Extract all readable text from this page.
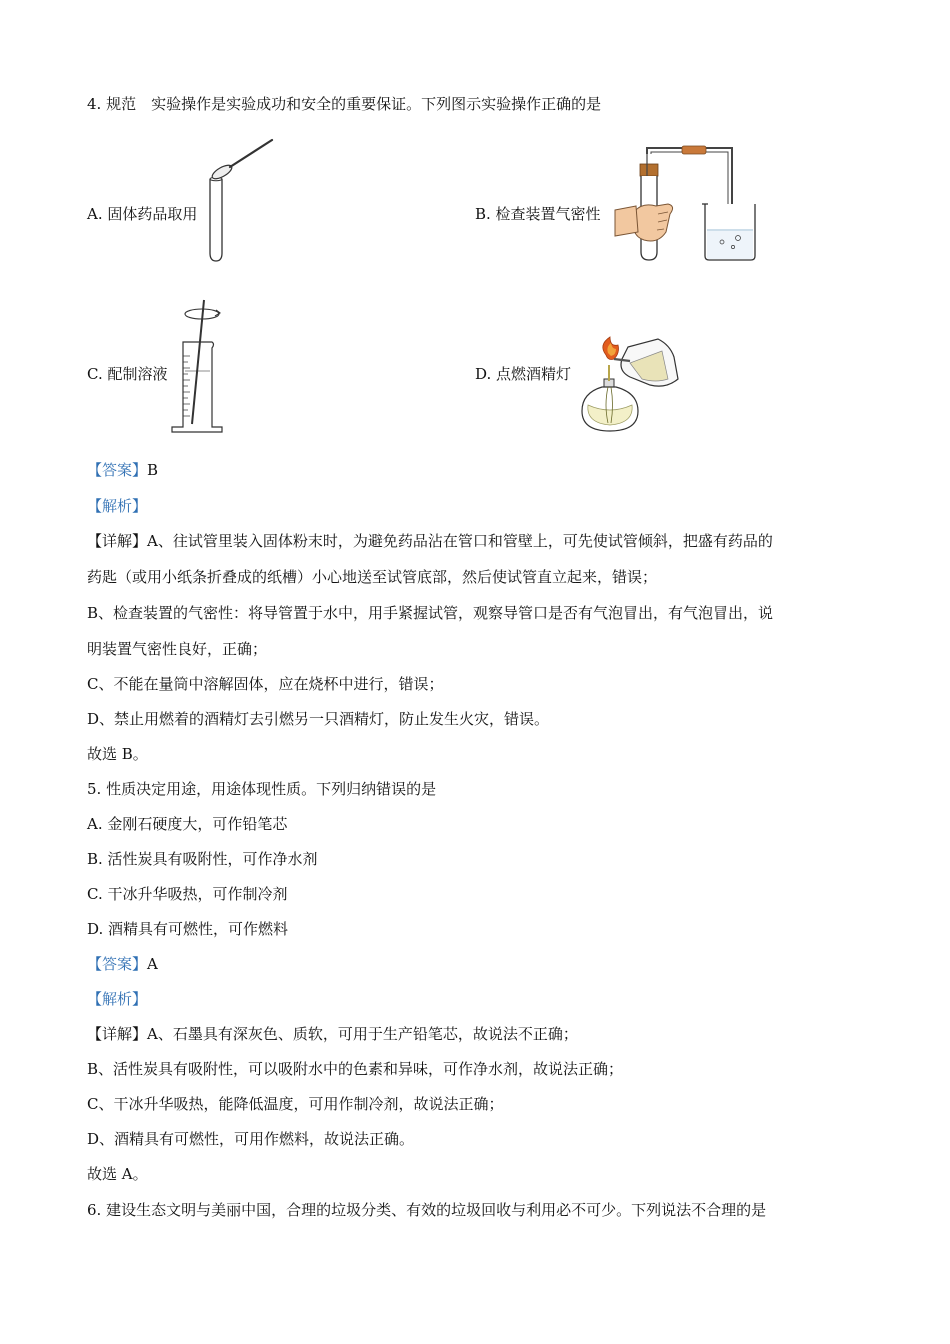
4. 规范　实验操作是实验成功和安全的重要保证。下列图示实验操作正确的是
A. 固体药品取用	B. 检查装置气密性
C. 配制溶液	D. 点燃酒精灯
【答案】B
【解析】
【详解】A、往试管里装入固体粉末时，为避免药品沾在管口和管壁上，可先使试管倾斜，把盛有药品的
药匙（或用小纸条折叠成的纸槽）小心地送至试管底部，然后使试管直立起来，错误；
B、检查装置的气密性：将导管置于水中，用手紧握试管，观察导管口是否有气泡冒出，有气泡冒出，说
明装置气密性良好，正确；
C、不能在量筒中溶解固体，应在烧杯中进行，错误；
D、禁止用燃着的酒精灯去引燃另一只酒精灯，防止发生火灾，错误。
故选 B。
5. 性质决定用途，用途体现性质。下列归纳错误的是
A. 金刚石硬度大，可作铅笔芯
B. 活性炭具有吸附性，可作净水剂
C. 干冰升华吸热，可作制冷剂
D. 酒精具有可燃性，可作燃料
【答案】A
【解析】
【详解】A、石墨具有深灰色、质软，可用于生产铅笔芯，故说法不正确；
B、活性炭具有吸附性，可以吸附水中的色素和异味，可作净水剂，故说法正确；
C、干冰升华吸热，能降低温度，可用作制冷剂，故说法正确；
D、酒精具有可燃性，可用作燃料，故说法正确。
故选 A。
6. 建设生态文明与美丽中国，合理的垃圾分类、有效的垃圾回收与利用必不可少。下列说法不合理的是
